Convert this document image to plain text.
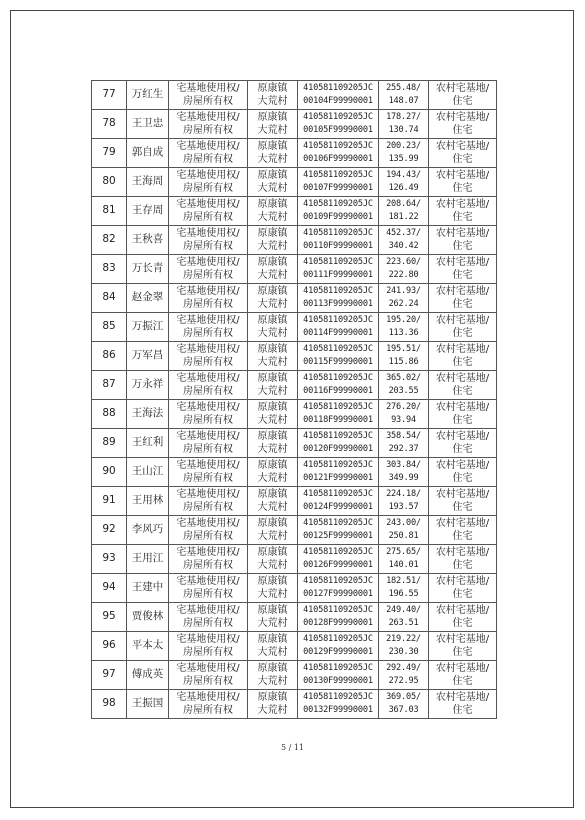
77	万红生	宅基地使用权/
房屋所有权	原康镇
大荒村	410581109205JC
00104F99990001	255.48/
148.07	农村宅基地/
住宅

78	王卫忠	宅基地使用权/
房屋所有权	原康镇
大荒村	410581109205JC
00105F99990001	178.27/
130.74	农村宅基地/
住宅

79	郭自成	宅基地使用权/
房屋所有权	原康镇
大荒村	410581109205JC
00106F99990001	200.23/
135.99	农村宅基地/
住宅

80	王海周	宅基地使用权/
房屋所有权	原康镇
大荒村	410581109205JC
00107F99990001	194.43/
126.49	农村宅基地/
住宅

81	王存周	宅基地使用权/
房屋所有权	原康镇
大荒村	410581109205JC
00109F99990001	208.64/
181.22	农村宅基地/
住宅

82	王秋喜	宅基地使用权/
房屋所有权	原康镇
大荒村	410581109205JC
00110F99990001	452.37/
340.42	农村宅基地/
住宅

83	万长青	宅基地使用权/
房屋所有权	原康镇
大荒村	410581109205JC
00111F99990001	223.60/
222.80	农村宅基地/
住宅

84	赵金翠	宅基地使用权/
房屋所有权	原康镇
大荒村	410581109205JC
00113F99990001	241.93/
262.24	农村宅基地/
住宅

85	万振江	宅基地使用权/
房屋所有权	原康镇
大荒村	410581109205JC
00114F99990001	195.20/
113.36	农村宅基地/
住宅

86	万军昌	宅基地使用权/
房屋所有权	原康镇
大荒村	410581109205JC
00115F99990001	195.51/
115.86	农村宅基地/
住宅

87	万永祥	宅基地使用权/
房屋所有权	原康镇
大荒村	410581109205JC
00116F99990001	365.02/
203.55	农村宅基地/
住宅

88	王海法	宅基地使用权/
房屋所有权	原康镇
大荒村	410581109205JC
00118F99990001	276.20/
93.94	农村宅基地/
住宅

89	王红利	宅基地使用权/
房屋所有权	原康镇
大荒村	410581109205JC
00120F99990001	358.54/
292.37	农村宅基地/
住宅

90	王山江	宅基地使用权/
房屋所有权	原康镇
大荒村	410581109205JC
00121F99990001	303.84/
349.99	农村宅基地/
住宅

91	王用林	宅基地使用权/
房屋所有权	原康镇
大荒村	410581109205JC
00124F99990001	224.18/
193.57	农村宅基地/
住宅

92	李风巧	宅基地使用权/
房屋所有权	原康镇
大荒村	410581109205JC
00125F99990001	243.00/
250.81	农村宅基地/
住宅

93	王用江	宅基地使用权/
房屋所有权	原康镇
大荒村	410581109205JC
00126F99990001	275.65/
140.01	农村宅基地/
住宅

94	王建中	宅基地使用权/
房屋所有权	原康镇
大荒村	410581109205JC
00127F99990001	182.51/
196.55	农村宅基地/
住宅

95	贾俊林	宅基地使用权/
房屋所有权	原康镇
大荒村	410581109205JC
00128F99990001	249.40/
263.51	农村宅基地/
住宅

96	平本太	宅基地使用权/
房屋所有权	原康镇
大荒村	410581109205JC
00129F99990001	219.22/
230.30	农村宅基地/
住宅

97	傅成英	宅基地使用权/
房屋所有权	原康镇
大荒村	410581109205JC
00130F99990001	292.49/
272.95	农村宅基地/
住宅

98	王振国	宅基地使用权/
房屋所有权	原康镇
大荒村	410581109205JC
00132F99990001	369.05/
367.03	农村宅基地/
住宅
5 / 11
